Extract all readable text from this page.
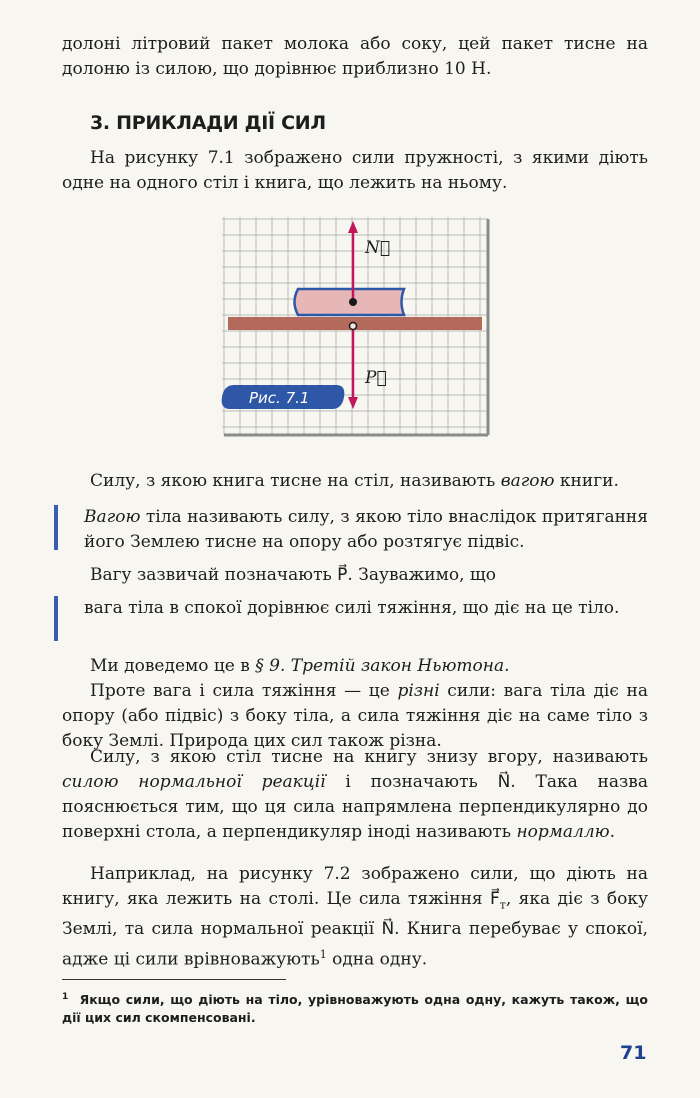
долоні літровий пакет молока або соку, цей пакет тисне на долоню із силою, що дорівнює приблизно 10 Н.

3. ПРИКЛАДИ ДІЇ СИЛ

На рисунку 7.1 зображено сили пружності, з якими діють одне на одного стіл і книга, що лежить на ньому.

N⃗
P⃗
Рис. 7.1

Силу, з якою книга тисне на стіл, називають вагою книги.

Вагою тіла називають силу, з якою тіло внаслідок притягання його Землею тисне на опору або розтягує підвіс.

Вагу зазвичай позначають P⃗. Зауважимо, що

вага тіла в спокої дорівнює силі тяжіння, що діє на це тіло.

Ми доведемо це в § 9. Третій закон Ньютона.

Проте вага і сила тяжіння — це різні сили: вага тіла діє на опору (або підвіс) з боку тіла, а сила тяжіння діє на саме тіло з боку Землі. Природа цих сил також різна.

Силу, з якою стіл тисне на книгу знизу вгору, називають силою нормальної реакції і позначають N⃗. Така назва пояснюється тим, що ця сила напрямлена перпендикулярно до поверхні стола, а перпендикуляр іноді називають нормаллю.

Наприклад, на рисунку 7.2 зображено сили, що діють на книгу, яка лежить на столі. Це сила тяжіння $F⃗_т$, яка діє з боку Землі, та сила нормальної реакції N⃗. Книга перебуває у спокої, адже ці сили врівноважують$^1$ одна одну.

$^1$ Якщо сили, що діють на тіло, урівноважують одна одну, кажуть також, що дії цих сил скомпенсовані.

71
